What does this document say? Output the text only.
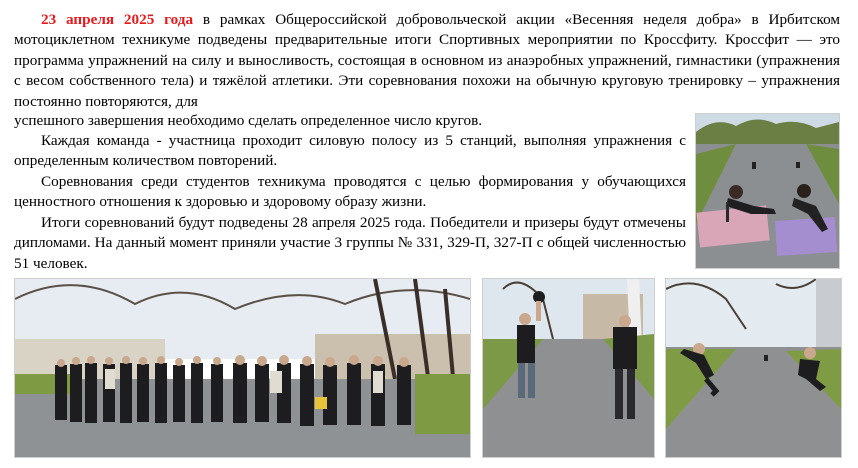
23 апреля 2025 года в рамках Общероссийской добровольческой акции «Весенняя неделя добра» в Ирбитском мотоциклетном техникуме подведены предварительные итоги Спортивных мероприятии по Кроссфиту. Кроссфит — это программа упражнений на силу и выносливость, состоящая в основном из анаэробных упражнений, гимнастики (упражнения с весом собственного тела) и тяжёлой атлетики. Эти соревнования похожи на обычную круговую тренировку – упражнения постоянно повторяются, для

успешного завершения необходимо сделать определенное число кругов.

Каждая команда - участница проходит силовую полосу из 5 станций, выполняя упражнения с определенным количеством повторений.

Соревнования среди студентов техникума проводятся с целью формирования у обучающихся ценностного отношения к здоровью и здоровому образу жизни.

Итоги соревнований будут подведены 28 апреля 2025 года. Победители и призеры будут отмечены дипломами. На данный момент приняли участие 3 группы № 331, 329-П, 327-П с общей численностью 51 человек.
